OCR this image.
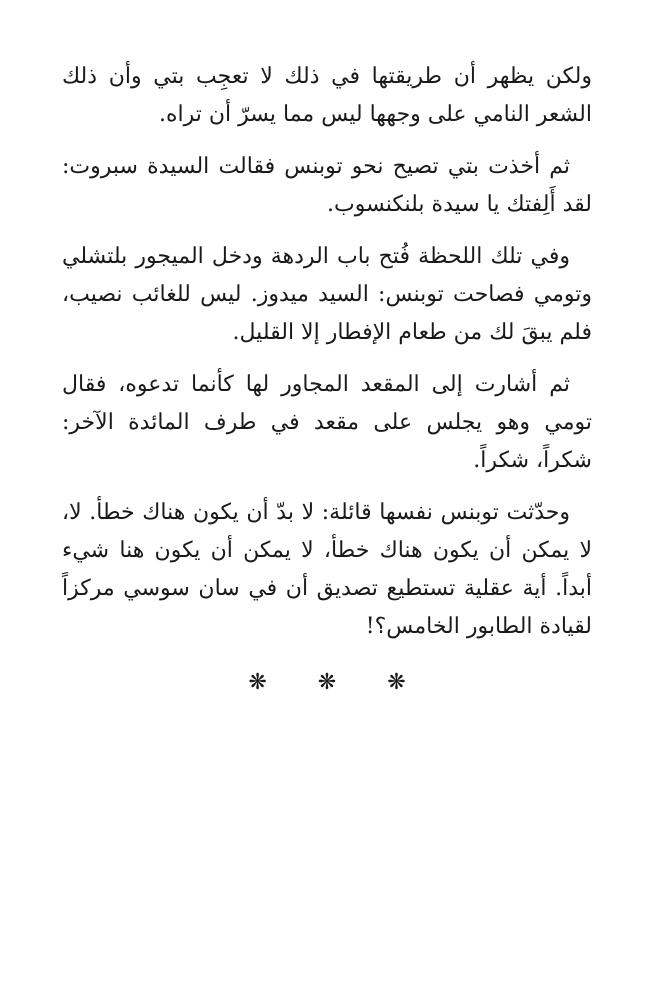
ولكن يظهر أن طريقتها في ذلك لا تعجِب بتي وأن ذلك الشعر النامي على وجهها ليس مما يسرّ أن تراه.

ثم أخذت بتي تصيح نحو توبنس فقالت السيدة سبروت: لقد أَلِفتك يا سيدة بلنكنسوب.

وفي تلك اللحظة فُتح باب الردهة ودخل الميجور بلتشلي وتومي فصاحت توبنس: السيد ميدوز. ليس للغائب نصيب، فلم يبقَ لك من طعام الإفطار إلا القليل.

ثم أشارت إلى المقعد المجاور لها كأنما تدعوه، فقال تومي وهو يجلس على مقعد في طرف المائدة الآخر: شكراً، شكراً.

وحدّثت توبنس نفسها قائلة: لا بدّ أن يكون هناك خطأ. لا، لا يمكن أن يكون هناك خطأ، لا يمكن أن يكون هنا شيء أبداً. أية عقلية تستطيع تصديق أن في سان سوسي مركزاً لقيادة الطابور الخامس؟!

❋ ❋ ❋
